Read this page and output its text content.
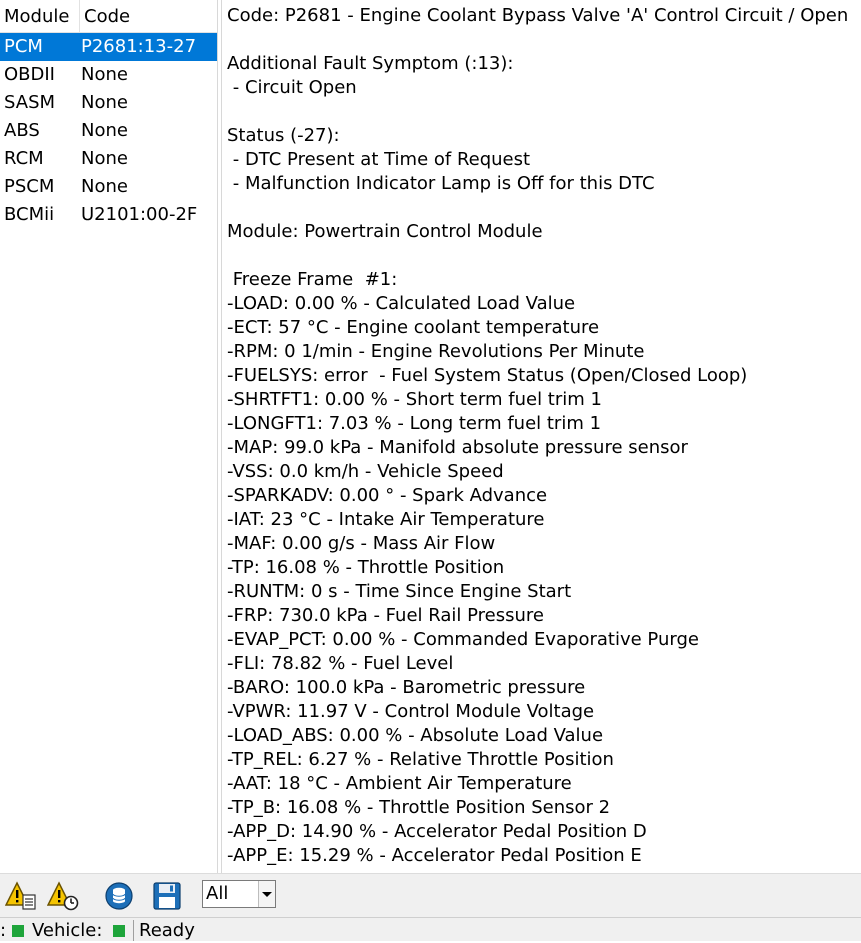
Module Code
PCM P2681:13-27
OBDII None
SASM None
ABS None
RCM None
PSCM None
BCMii U2101:00-2F
Code: P2681 - Engine Coolant Bypass Valve 'A' Control Circuit / Open
Additional Fault Symptom (:13):
- Circuit Open
Status (-27):
- DTC Present at Time of Request
- Malfunction Indicator Lamp is Off for this DTC
Module: Powertrain Control Module
Freeze Frame  #1:
-LOAD: 0.00 % - Calculated Load Value
-ECT: 57 °C - Engine coolant temperature
-RPM: 0 1/min - Engine Revolutions Per Minute
-FUELSYS: error  - Fuel System Status (Open/Closed Loop)
-SHRTFT1: 0.00 % - Short term fuel trim 1
-LONGFT1: 7.03 % - Long term fuel trim 1
-MAP: 99.0 kPa - Manifold absolute pressure sensor
-VSS: 0.0 km/h - Vehicle Speed
-SPARKADV: 0.00 ° - Spark Advance
-IAT: 23 °C - Intake Air Temperature
-MAF: 0.00 g/s - Mass Air Flow
-TP: 16.08 % - Throttle Position
-RUNTM: 0 s - Time Since Engine Start
-FRP: 730.0 kPa - Fuel Rail Pressure
-EVAP_PCT: 0.00 % - Commanded Evaporative Purge
-FLI: 78.82 % - Fuel Level
-BARO: 100.0 kPa - Barometric pressure
-VPWR: 11.97 V - Control Module Voltage
-LOAD_ABS: 0.00 % - Absolute Load Value
-TP_REL: 6.27 % - Relative Throttle Position
-AAT: 18 °C - Ambient Air Temperature
-TP_B: 16.08 % - Throttle Position Sensor 2
-APP_D: 14.90 % - Accelerator Pedal Position D
-APP_E: 15.29 % - Accelerator Pedal Position E
All
: Vehicle: Ready
